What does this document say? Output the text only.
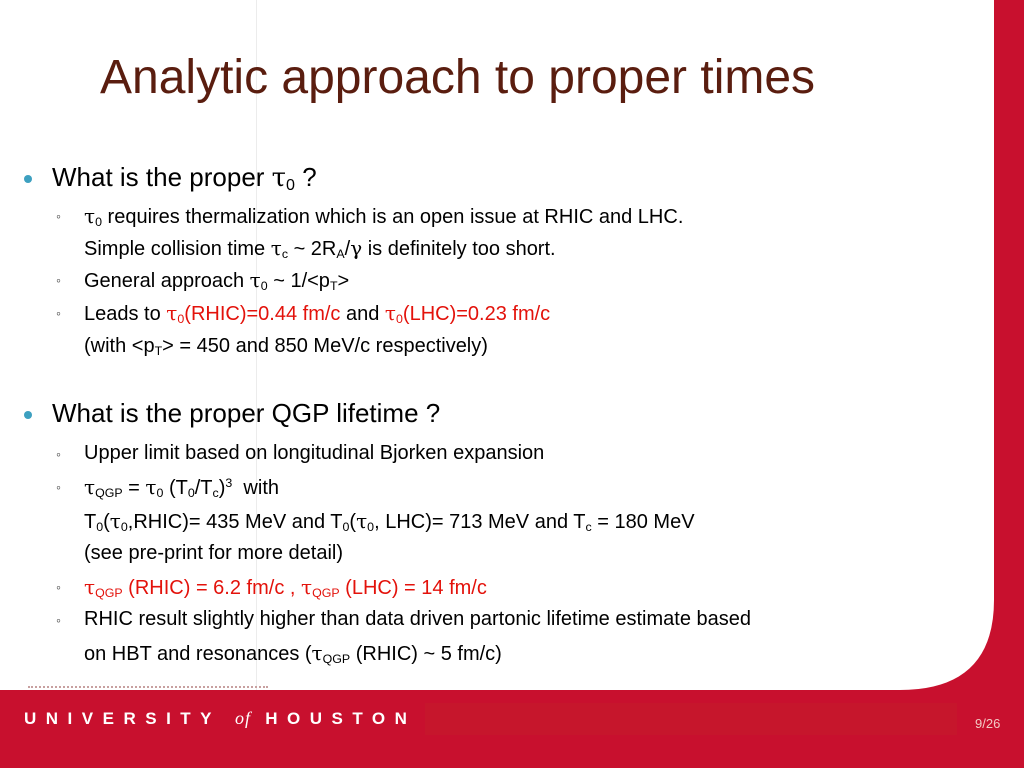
Analytic approach to proper times
What is the proper $\tau_0$ ?
◦ $\tau_0$ requires thermalization which is an open issue at RHIC and LHC.
Simple collision time $\tau_c$ ~ $2R_A/\gamma$ is definitely too short.
◦ General approach $\tau_0$ ~ $1/<p_T>$
◦ Leads to $\tau_0(RHIC)=0.44$ fm/c and $\tau_0(LHC)=0.23$ fm/c
(with $<p_T> = 450$ and 850 MeV/c respectively)
What is the proper QGP lifetime ?
◦ Upper limit based on longitudinal Bjorken expansion
◦ $\tau_{QGP} = \tau_0$ $(T_0/T_c)^3$  with
$T_0(\tau_0,RHIC)= 435$ MeV and $T_0(\tau_0$, LHC)= 713 MeV and $T_c = 180$ MeV
(see pre-print for more detail)
◦ $\tau_{QGP}$ (RHIC) = 6.2 fm/c , $\tau_{QGP}$ (LHC) = 14 fm/c
◦ RHIC result slightly higher than data driven partonic lifetime estimate based
on HBT and resonances ($\tau_{QGP}$ (RHIC) ~ 5 fm/c)
UNIVERSITY of HOUSTON	9/26
